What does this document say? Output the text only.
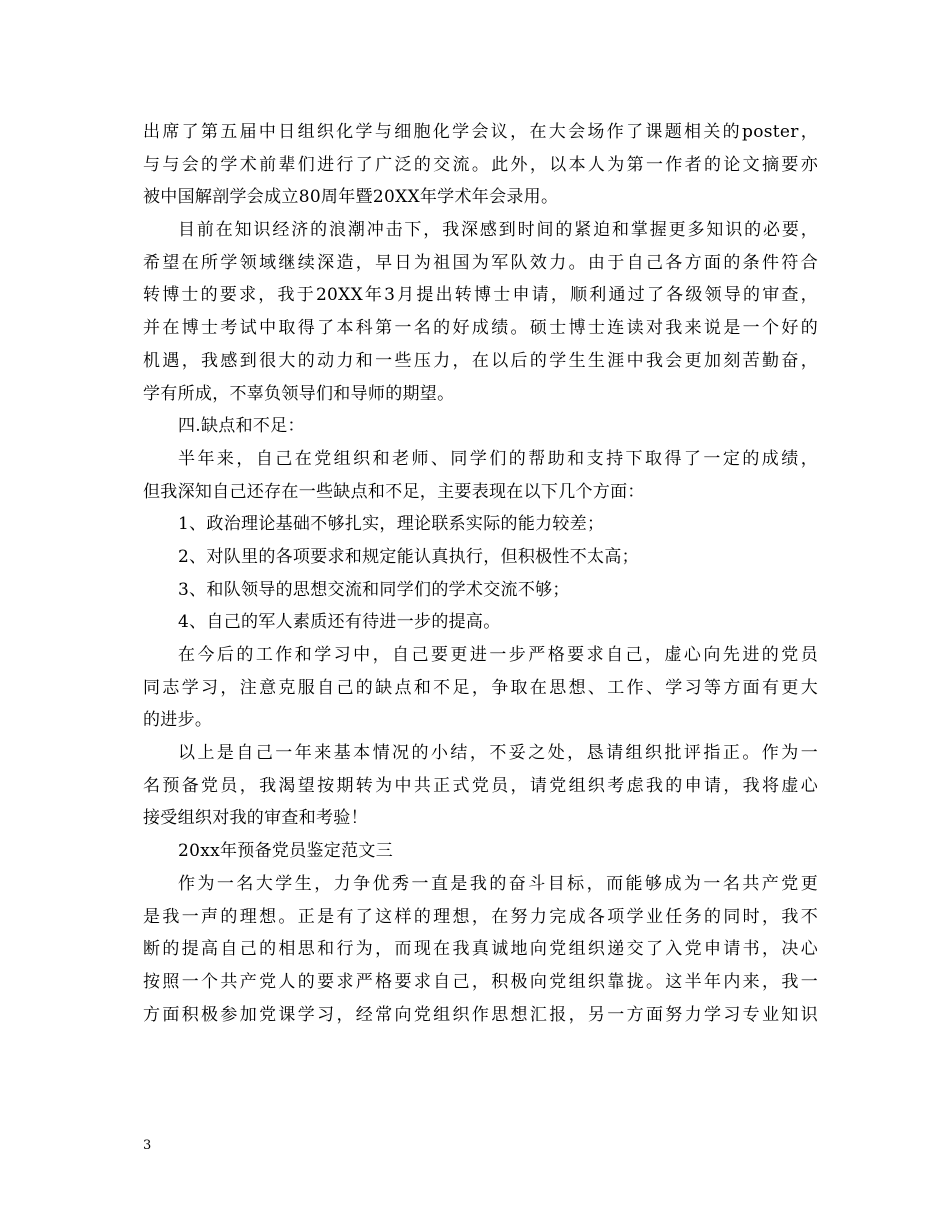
出席了第五届中日组织化学与细胞化学会议，在大会场作了课题相关的poster，
与与会的学术前辈们进行了广泛的交流。此外，以本人为第一作者的论文摘要亦
被中国解剖学会成立80周年暨20XX年学术年会录用。
目前在知识经济的浪潮冲击下，我深感到时间的紧迫和掌握更多知识的必要，
希望在所学领域继续深造，早日为祖国为军队效力。由于自己各方面的条件符合
转博士的要求，我于20XX年3月提出转博士申请，顺利通过了各级领导的审查，
并在博士考试中取得了本科第一名的好成绩。硕士博士连读对我来说是一个好的
机遇，我感到很大的动力和一些压力，在以后的学生生涯中我会更加刻苦勤奋，
学有所成，不辜负领导们和导师的期望。
四.缺点和不足：
半年来，自己在党组织和老师、同学们的帮助和支持下取得了一定的成绩，
但我深知自己还存在一些缺点和不足，主要表现在以下几个方面：
1、政治理论基础不够扎实，理论联系实际的能力较差；
2、对队里的各项要求和规定能认真执行，但积极性不太高；
3、和队领导的思想交流和同学们的学术交流不够；
4、自己的军人素质还有待进一步的提高。
在今后的工作和学习中，自己要更进一步严格要求自己，虚心向先进的党员
同志学习，注意克服自己的缺点和不足，争取在思想、工作、学习等方面有更大
的进步。
以上是自己一年来基本情况的小结，不妥之处，恳请组织批评指正。作为一
名预备党员，我渴望按期转为中共正式党员，请党组织考虑我的申请，我将虚心
接受组织对我的审查和考验！
20xx年预备党员鉴定范文三
作为一名大学生，力争优秀一直是我的奋斗目标，而能够成为一名共产党更
是我一声的理想。正是有了这样的理想，在努力完成各项学业任务的同时，我不
断的提高自己的相思和行为，而现在我真诚地向党组织递交了入党申请书，决心
按照一个共产党人的要求严格要求自己，积极向党组织靠拢。这半年内来，我一
方面积极参加党课学习，经常向党组织作思想汇报，另一方面努力学习专业知识
3
